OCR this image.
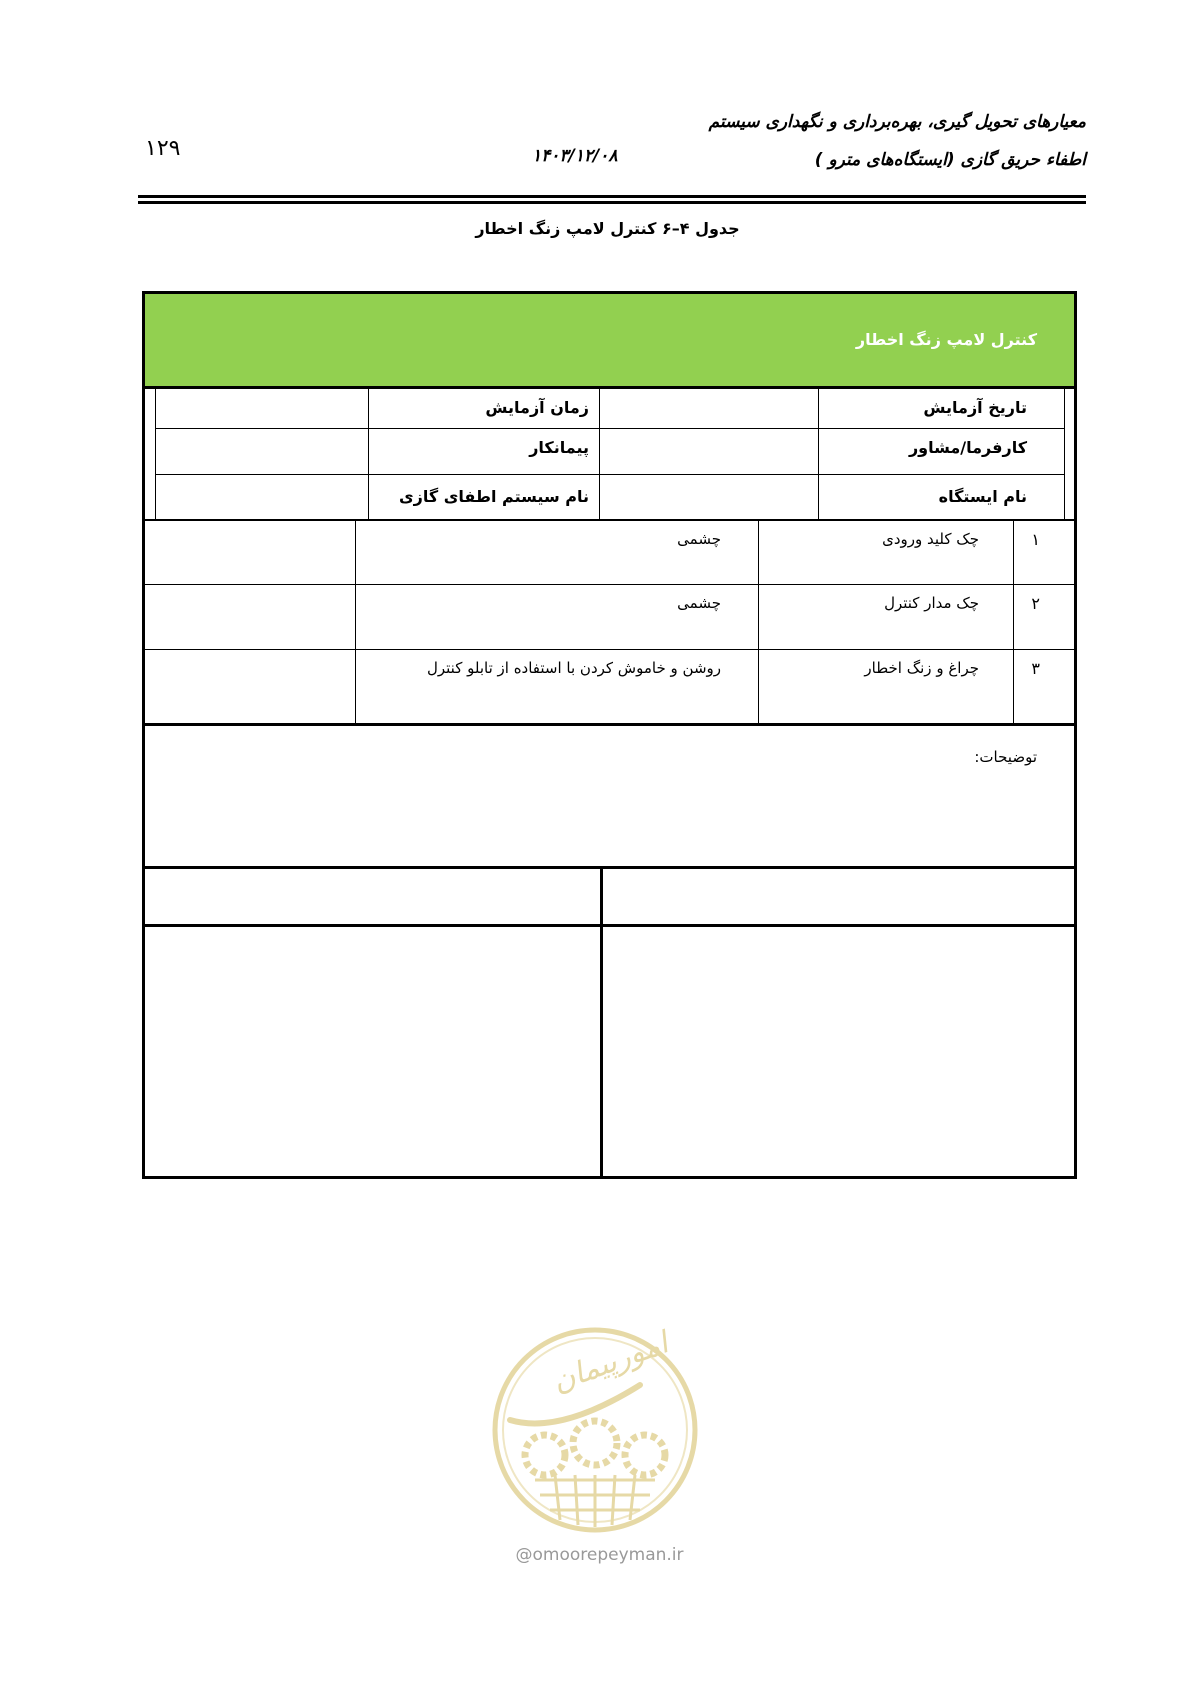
۱۲۹
معیارهای تحویل گیری، بهره‌برداری و نگهداری سیستم
اطفاء حریق گازی (ایستگاه‌های مترو )
۱۴۰۳/۱۲/۰۸
جدول ۴–۶ کنترل لامپ زنگ اخطار
کنترل لامپ زنگ اخطار
تاریخ آزمایش
زمان آزمایش
کارفرما/مشاور
پیمانکار
نام ایستگاه
نام سیستم اطفای گازی
۱
چک کلید ورودی
چشمی
۲
چک مدار کنترل
چشمی
۳
چراغ و زنگ اخطار
روشن و خاموش کردن با استفاده از تابلو کنترل
توضیحات:
امورپیمان
@omoorepeyman.ir
